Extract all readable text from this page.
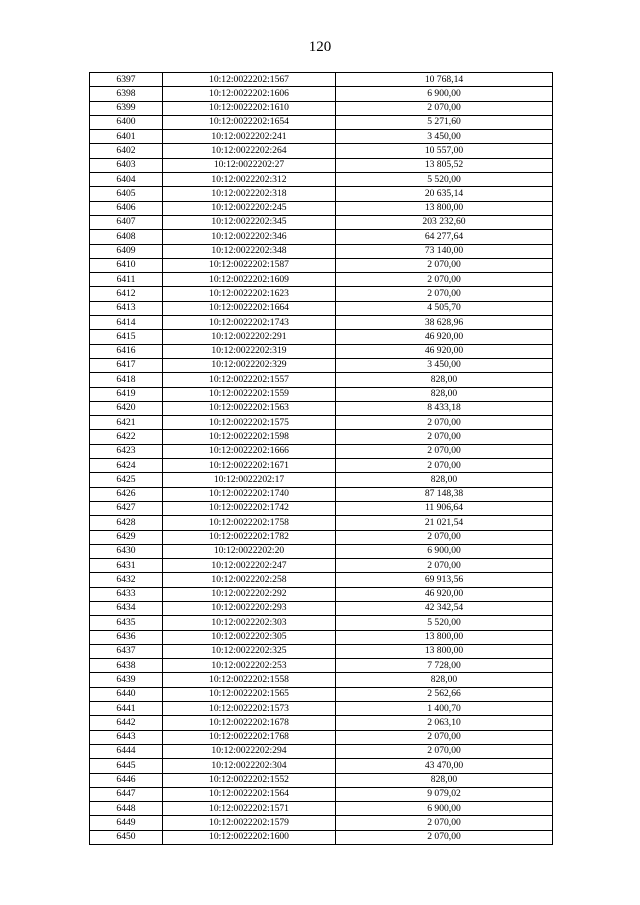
120
6397	10:12:0022202:1567	10 768,14
6398	10:12:0022202:1606	6 900,00
6399	10:12:0022202:1610	2 070,00
6400	10:12:0022202:1654	5 271,60
6401	10:12:0022202:241	3 450,00
6402	10:12:0022202:264	10 557,00
6403	10:12:0022202:27	13 805,52
6404	10:12:0022202:312	5 520,00
6405	10:12:0022202:318	20 635,14
6406	10:12:0022202:245	13 800,00
6407	10:12:0022202:345	203 232,60
6408	10:12:0022202:346	64 277,64
6409	10:12:0022202:348	73 140,00
6410	10:12:0022202:1587	2 070,00
6411	10:12:0022202:1609	2 070,00
6412	10:12:0022202:1623	2 070,00
6413	10:12:0022202:1664	4 505,70
6414	10:12:0022202:1743	38 628,96
6415	10:12:0022202:291	46 920,00
6416	10:12:0022202:319	46 920,00
6417	10:12:0022202:329	3 450,00
6418	10:12:0022202:1557	828,00
6419	10:12:0022202:1559	828,00
6420	10:12:0022202:1563	8 433,18
6421	10:12:0022202:1575	2 070,00
6422	10:12:0022202:1598	2 070,00
6423	10:12:0022202:1666	2 070,00
6424	10:12:0022202:1671	2 070,00
6425	10:12:0022202:17	828,00
6426	10:12:0022202:1740	87 148,38
6427	10:12:0022202:1742	11 906,64
6428	10:12:0022202:1758	21 021,54
6429	10:12:0022202:1782	2 070,00
6430	10:12:0022202:20	6 900,00
6431	10:12:0022202:247	2 070,00
6432	10:12:0022202:258	69 913,56
6433	10:12:0022202:292	46 920,00
6434	10:12:0022202:293	42 342,54
6435	10:12:0022202:303	5 520,00
6436	10:12:0022202:305	13 800,00
6437	10:12:0022202:325	13 800,00
6438	10:12:0022202:253	7 728,00
6439	10:12:0022202:1558	828,00
6440	10:12:0022202:1565	2 562,66
6441	10:12:0022202:1573	1 400,70
6442	10:12:0022202:1678	2 063,10
6443	10:12:0022202:1768	2 070,00
6444	10:12:0022202:294	2 070,00
6445	10:12:0022202:304	43 470,00
6446	10:12:0022202:1552	828,00
6447	10:12:0022202:1564	9 079,02
6448	10:12:0022202:1571	6 900,00
6449	10:12:0022202:1579	2 070,00
6450	10:12:0022202:1600	2 070,00
